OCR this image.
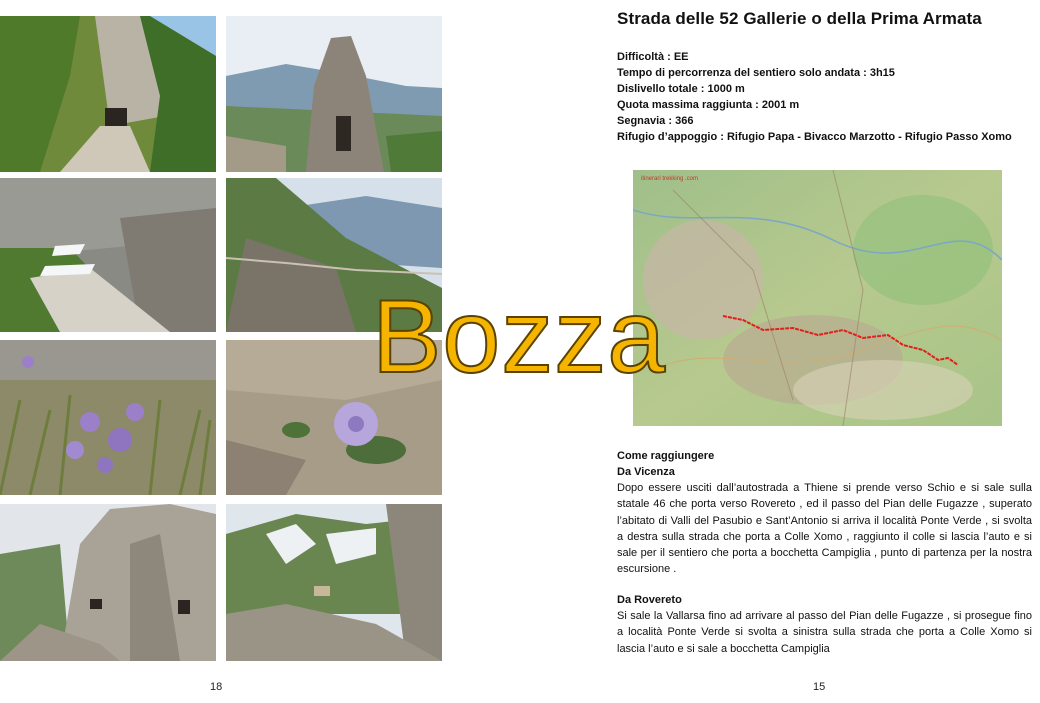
18
Strada delle 52 Gallerie o della Prima Armata
Difficoltà : EE
Tempo di percorrenza del sentiero solo andata : 3h15
Dislivello totale : 1000 m
Quota massima raggiunta : 2001 m
Segnavia : 366
Rifugio d’appoggio : Rifugio Papa - Bivacco Marzotto - Rifugio Passo Xomo
itinerari trekking .com
Come raggiungere
Da Vicenza

Dopo essere usciti dall’autostrada a Thiene si prende verso Schio e si sale sulla statale 46 che porta verso Rovereto , ed il passo del Pian delle Fugazze , superato l’abitato di Valli del Pasubio e Sant’Antonio si arriva il località Ponte Verde , si svolta a destra sulla strada che porta a Colle Xomo , raggiunto il colle si lascia l’auto e si sale per il sentiero che porta a bocchetta Campiglia , punto di partenza per la nostra escursione .

Da Rovereto

Si sale la Vallarsa fino ad arrivare al passo del Pian delle Fugazze , si prosegue fino a località Ponte Verde si svolta a sinistra sulla strada che porta a Colle Xomo si lascia l’auto e si sale a bocchetta Campiglia

15
Bozza
